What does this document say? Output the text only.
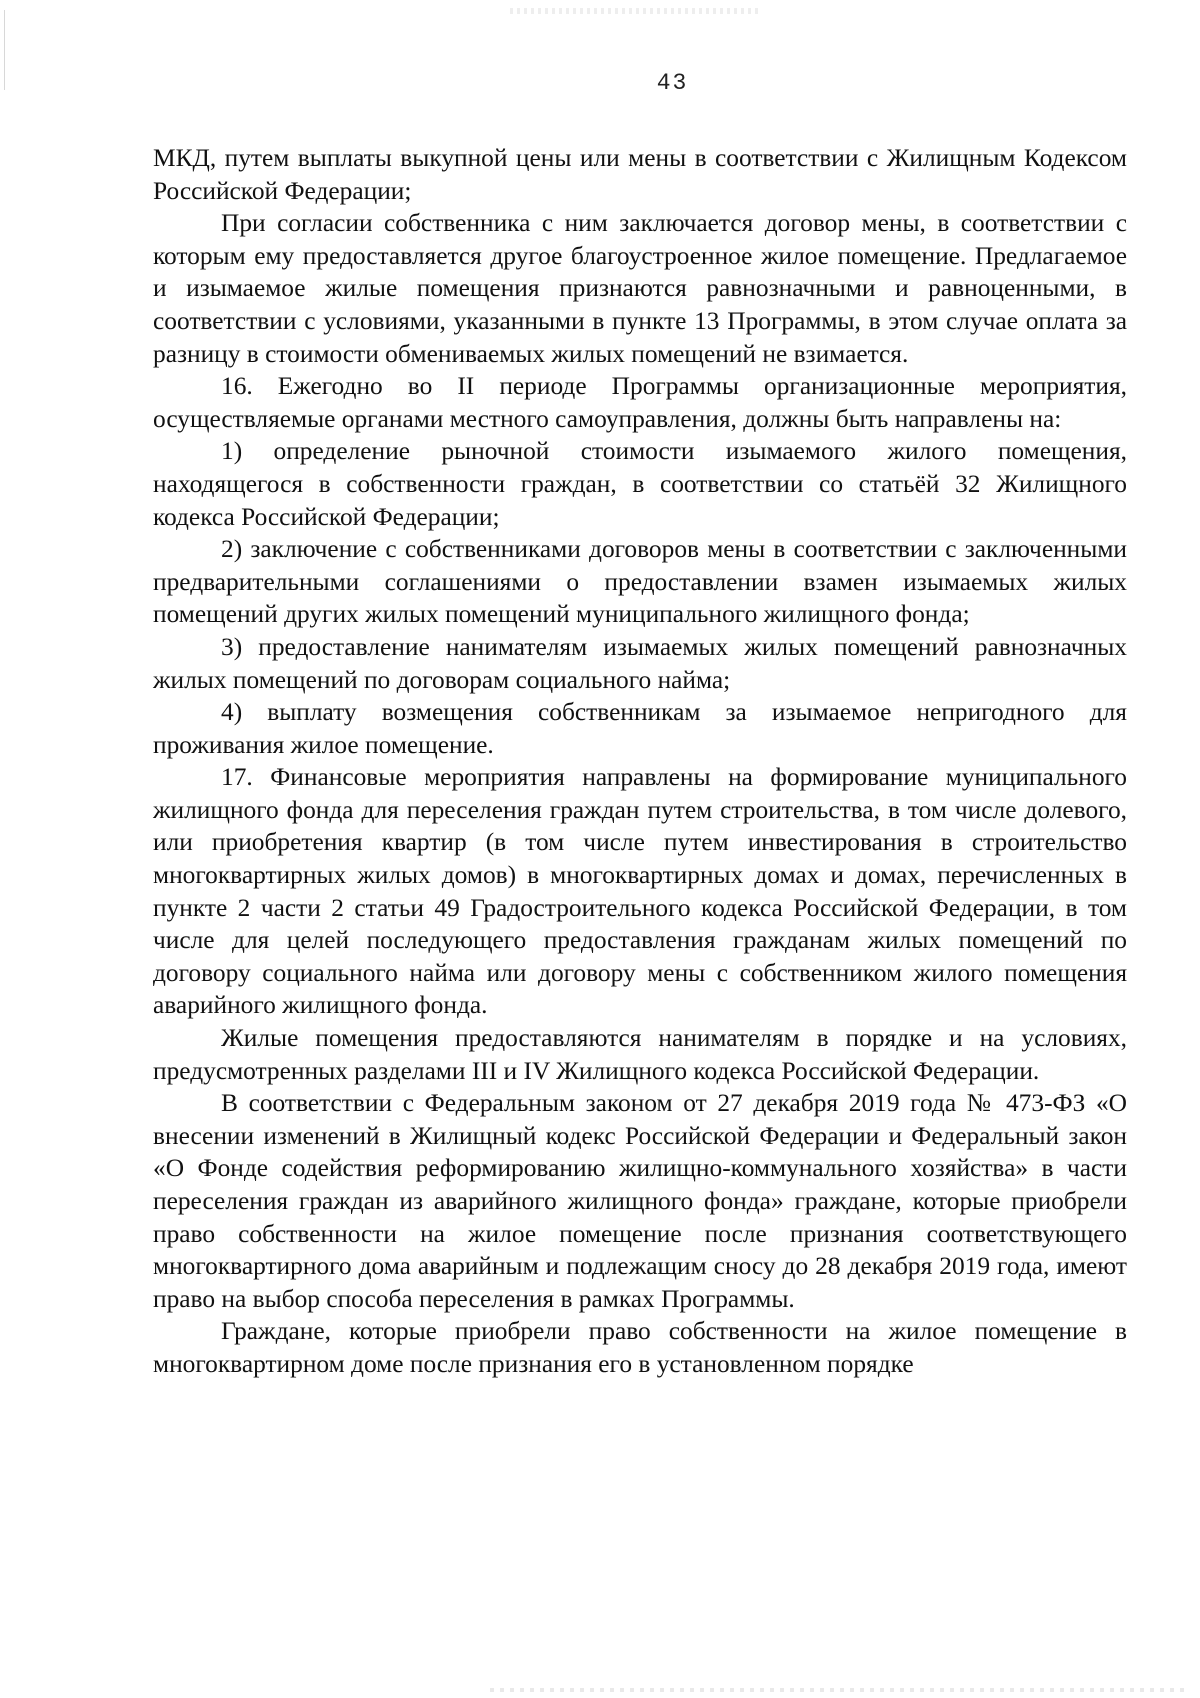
43

МКД, путем выплаты выкупной цены или мены в соответствии с Жилищным Кодексом Российской Федерации;

При согласии собственника с ним заключается договор мены, в соответствии с которым ему предоставляется другое благоустроенное жилое помещение. Предлагаемое и изымаемое жилые помещения признаются равнозначными и равноценными, в соответствии с условиями, указанными в пункте 13 Программы, в этом случае оплата за разницу в стоимости обмениваемых жилых помещений не взимается.

16. Ежегодно во II периоде Программы организационные мероприятия, осуществляемые органами местного самоуправления, должны быть направлены на:

1) определение рыночной стоимости изымаемого жилого помещения, находящегося в собственности граждан, в соответствии со статьёй 32 Жилищного кодекса Российской Федерации;

2) заключение с собственниками договоров мены в соответствии с заключенными предварительными соглашениями о предоставлении взамен изымаемых жилых помещений других жилых помещений муниципального жилищного фонда;

3) предоставление нанимателям изымаемых жилых помещений равнозначных жилых помещений по договорам социального найма;

4) выплату возмещения собственникам за изымаемое непригодного для проживания жилое помещение.

17. Финансовые мероприятия направлены на формирование муниципального жилищного фонда для переселения граждан путем строительства, в том числе долевого, или приобретения квартир (в том числе путем инвестирования в строительство многоквартирных жилых домов) в многоквартирных домах и домах, перечисленных в пункте 2 части 2 статьи 49 Градостроительного кодекса Российской Федерации, в том числе для целей последующего предоставления гражданам жилых помещений по договору социального найма или договору мены с собственником жилого помещения аварийного жилищного фонда.

Жилые помещения предоставляются нанимателям в порядке и на условиях, предусмотренных разделами III и IV Жилищного кодекса Российской Федерации.

В соответствии с Федеральным законом от 27 декабря 2019 года № 473-ФЗ «О внесении изменений в Жилищный кодекс Российской Федерации и Федеральный закон «О Фонде содействия реформированию жилищно-коммунального хозяйства» в части переселения граждан из аварийного жилищного фонда» граждане, которые приобрели право собственности на жилое помещение после признания соответствующего многоквартирного дома аварийным и подлежащим сносу до 28 декабря 2019 года, имеют право на выбор способа переселения в рамках Программы.

Граждане, которые приобрели право собственности на жилое помещение в многоквартирном доме после признания его в установленном порядке
